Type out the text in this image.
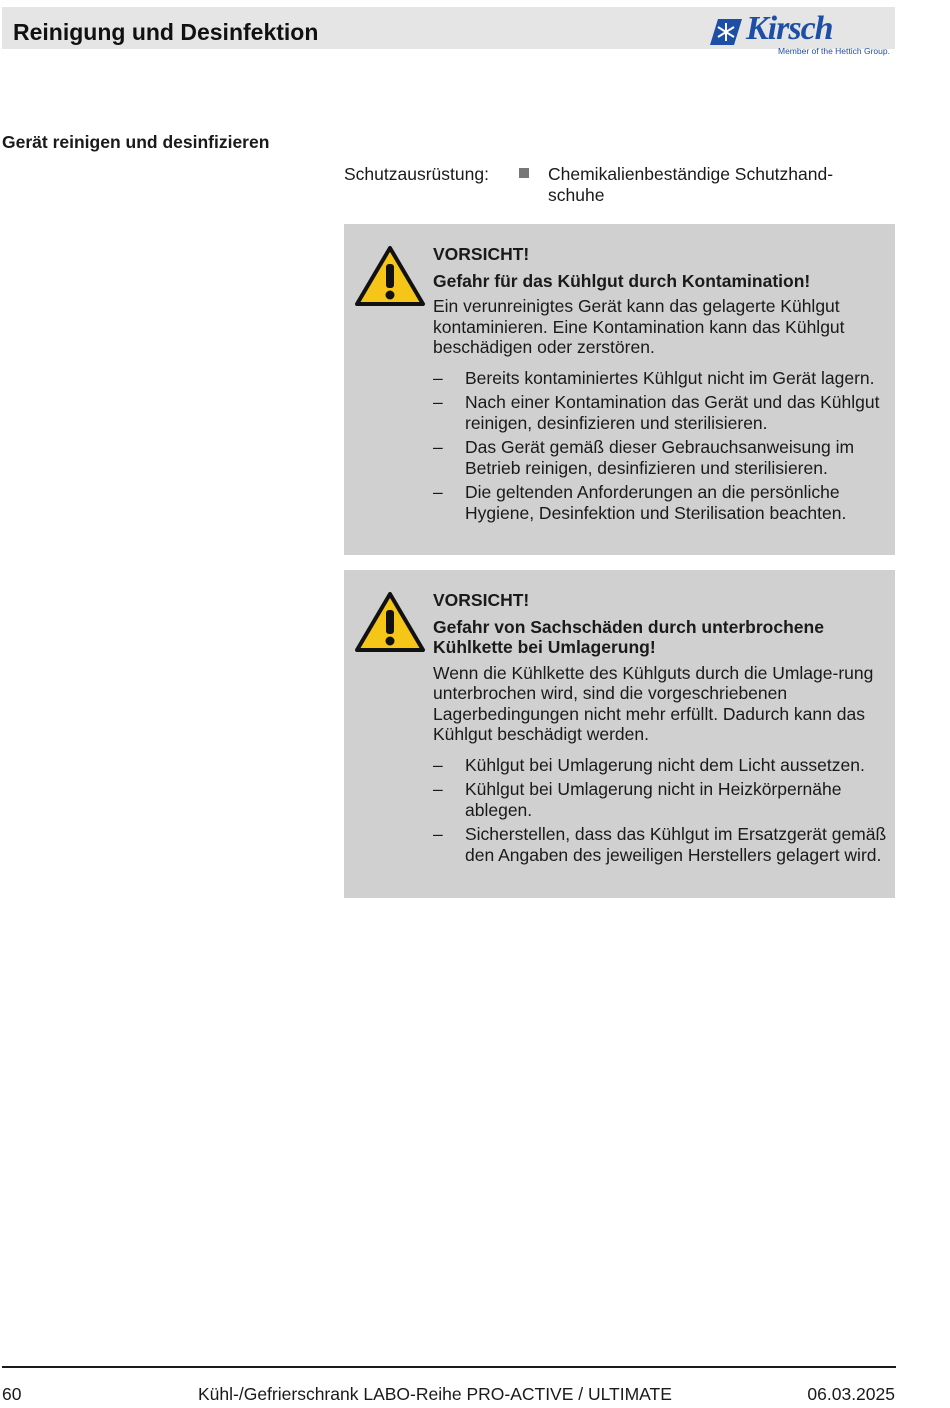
Reinigung und Desinfektion	Kirsch
Member of the Hettich Group.
Gerät reinigen und desinfizieren
Schutzausrüstung:	Chemikalienbeständige Schutzhand-schuhe

VORSICHT!

Gefahr für das Kühlgut durch Kontamination!

Ein verunreinigtes Gerät kann das gelagerte Kühlgut kontaminieren. Eine Kontamination kann das Kühlgut beschädigen oder zerstören.

– Bereits kontaminiertes Kühlgut nicht im Gerät lagern.
– Nach einer Kontamination das Gerät und das Kühlgut reinigen, desinfizieren und sterilisieren.
– Das Gerät gemäß dieser Gebrauchsanweisung im Betrieb reinigen, desinfizieren und sterilisieren.
– Die geltenden Anforderungen an die persönliche Hygiene, Desinfektion und Sterilisation beachten.

VORSICHT!

Gefahr von Sachschäden durch unterbrochene Kühlkette bei Umlagerung!

Wenn die Kühlkette des Kühlguts durch die Umlage-rung unterbrochen wird, sind die vorgeschriebenen Lagerbedingungen nicht mehr erfüllt. Dadurch kann das Kühlgut beschädigt werden.

– Kühlgut bei Umlagerung nicht dem Licht aussetzen.
– Kühlgut bei Umlagerung nicht in Heizkörpernähe ablegen.
– Sicherstellen, dass das Kühlgut im Ersatzgerät gemäß den Angaben des jeweiligen Herstellers gelagert wird.
60	Kühl-/Gefrierschrank LABO-Reihe PRO-ACTIVE / ULTIMATE	06.03.2025
